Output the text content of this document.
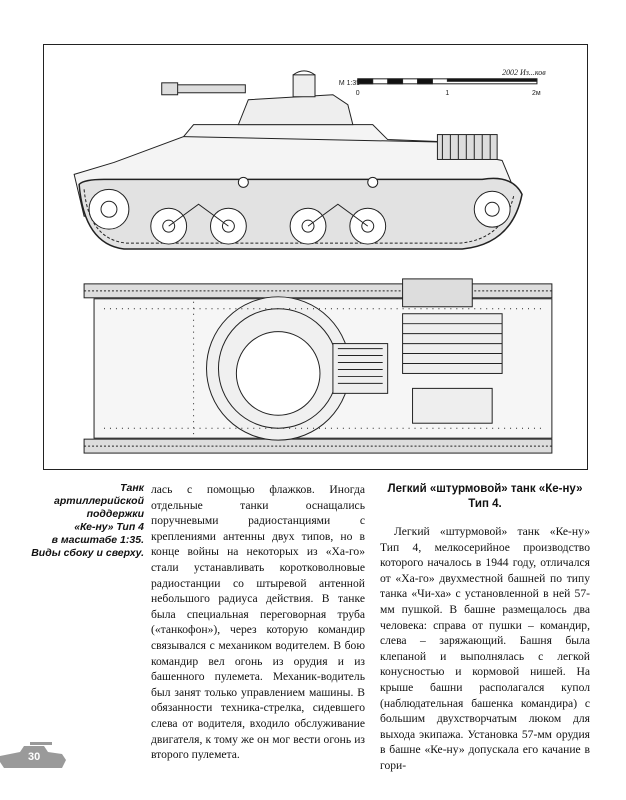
M 1:35
0	1	2м
2002 Из...ков
Танк
артиллерийской
поддержки
«Ке-ну» Тип 4
в масштабе 1:35.
Виды сбоку и сверху.

лась с помощью флажков. Иногда отдельные танки оснащались поручневыми радиостанциями с креплениями антенны двух типов, но в конце войны на некоторых из «Ха-го» стали устанавливать коротковолновые радиостанции со штыревой антенной небольшого радиуса действия. В танке была специальная переговорная труба («танкофон»), через которую командир связывался с механиком водителем. В бою командир вел огонь из орудия и из башенного пулемета. Механик-водитель был занят только управлением машины. В обязанности техника-стрелка, сидевшего слева от водителя, входило обслуживание двигателя, к тому же он мог вести огонь из второго пулемета.

Легкий «штурмовой» танк «Ке-ну»
Тип 4.

Легкий «штурмовой» танк «Ке-ну» Тип 4, мелкосерийное производство которого началось в 1944 году, отличался от «Ха-го» двухместной башней по типу танка «Чи-ха» с установленной в ней 57-мм пушкой. В башне размещалось два человека: справа от пушки – командир, слева – заряжающий. Башня была клепаной и выполнялась с легкой конусностью и кормовой нишей. На крыше башни располагался купол (наблюдательная башенка командира) с большим двухстворчатым люком для выхода экипажа. Установка 57-мм орудия в башне «Ке-ну» допускала его качание в гори-

30
